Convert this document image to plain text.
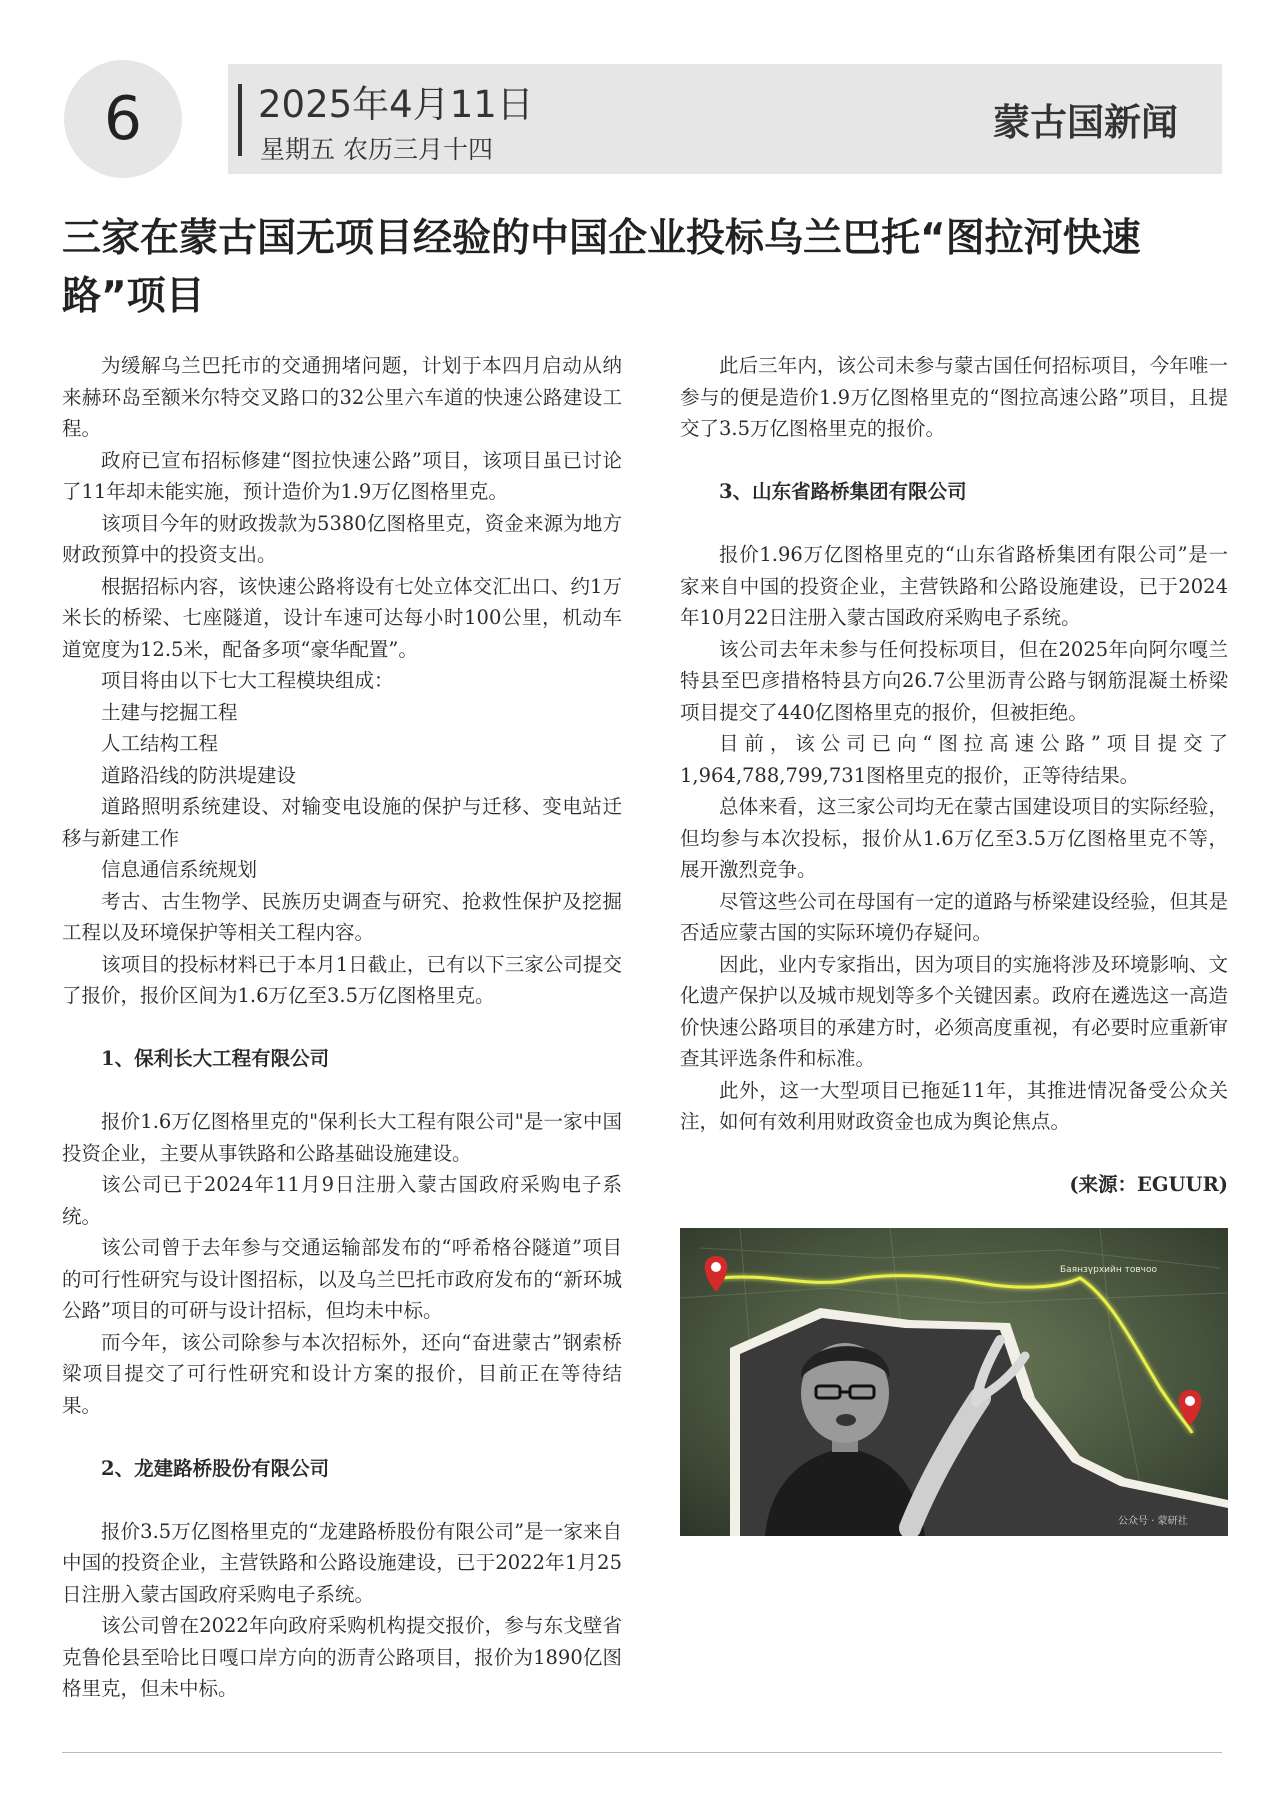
6	2025年4月11日
星期五 农历三月十四
蒙古国新闻
三家在蒙古国无项目经验的中国企业投标乌兰巴托“图拉河快速路”项目

为缓解乌兰巴托市的交通拥堵问题，计划于本四月启动从纳来赫环岛至额米尔特交叉路口的32公里六车道的快速公路建设工程。

政府已宣布招标修建“图拉快速公路”项目，该项目虽已讨论了11年却未能实施，预计造价为1.9万亿图格里克。

该项目今年的财政拨款为5380亿图格里克，资金来源为地方财政预算中的投资支出。

根据招标内容，该快速公路将设有七处立体交汇出口、约1万米长的桥梁、七座隧道，设计车速可达每小时100公里，机动车道宽度为12.5米，配备多项“豪华配置”。

项目将由以下七大工程模块组成：

土建与挖掘工程

人工结构工程

道路沿线的防洪堤建设

道路照明系统建设、对输变电设施的保护与迁移、变电站迁移与新建工作

信息通信系统规划

考古、古生物学、民族历史调查与研究、抢救性保护及挖掘工程以及环境保护等相关工程内容。

该项目的投标材料已于本月1日截止，已有以下三家公司提交了报价，报价区间为1.6万亿至3.5万亿图格里克。

1、保利长大工程有限公司

报价1.6万亿图格里克的"保利长大工程有限公司"是一家中国投资企业，主要从事铁路和公路基础设施建设。

该公司已于2024年11月9日注册入蒙古国政府采购电子系统。

该公司曾于去年参与交通运输部发布的“呼希格谷隧道”项目的可行性研究与设计图招标，以及乌兰巴托市政府发布的“新环城公路”项目的可研与设计招标，但均未中标。

而今年，该公司除参与本次招标外，还向“奋进蒙古”钢索桥梁项目提交了可行性研究和设计方案的报价，目前正在等待结果。

2、龙建路桥股份有限公司

报价3.5万亿图格里克的“龙建路桥股份有限公司”是一家来自中国的投资企业，主营铁路和公路设施建设，已于2022年1月25日注册入蒙古国政府采购电子系统。

该公司曾在2022年向政府采购机构提交报价，参与东戈壁省克鲁伦县至哈比日嘎口岸方向的沥青公路项目，报价为1890亿图格里克，但未中标。

此后三年内，该公司未参与蒙古国任何招标项目，今年唯一参与的便是造价1.9万亿图格里克的“图拉高速公路”项目，且提交了3.5万亿图格里克的报价。

3、山东省路桥集团有限公司

报价1.96万亿图格里克的“山东省路桥集团有限公司”是一家来自中国的投资企业，主营铁路和公路设施建设，已于2024年10月22日注册入蒙古国政府采购电子系统。

该公司去年未参与任何投标项目，但在2025年向阿尔嘎兰特县至巴彦措格特县方向26.7公里沥青公路与钢筋混凝土桥梁项目提交了440亿图格里克的报价，但被拒绝。

目前，该公司已向“图拉高速公路”项目提交了1,964,788,799,731图格里克的报价，正等待结果。

总体来看，这三家公司均无在蒙古国建设项目的实际经验，但均参与本次投标，报价从1.6万亿至3.5万亿图格里克不等，展开激烈竞争。

尽管这些公司在母国有一定的道路与桥梁建设经验，但其是否适应蒙古国的实际环境仍存疑问。

因此，业内专家指出，因为项目的实施将涉及环境影响、文化遗产保护以及城市规划等多个关键因素。政府在遴选这一高造价快速公路项目的承建方时，必须高度重视，有必要时应重新审查其评选条件和标准。

此外，这一大型项目已拖延11年，其推进情况备受公众关注，如何有效利用财政资金也成为舆论焦点。

(来源：EGUUR)

Баянзүрхийн товчоо
公众号 · 蒙研社
